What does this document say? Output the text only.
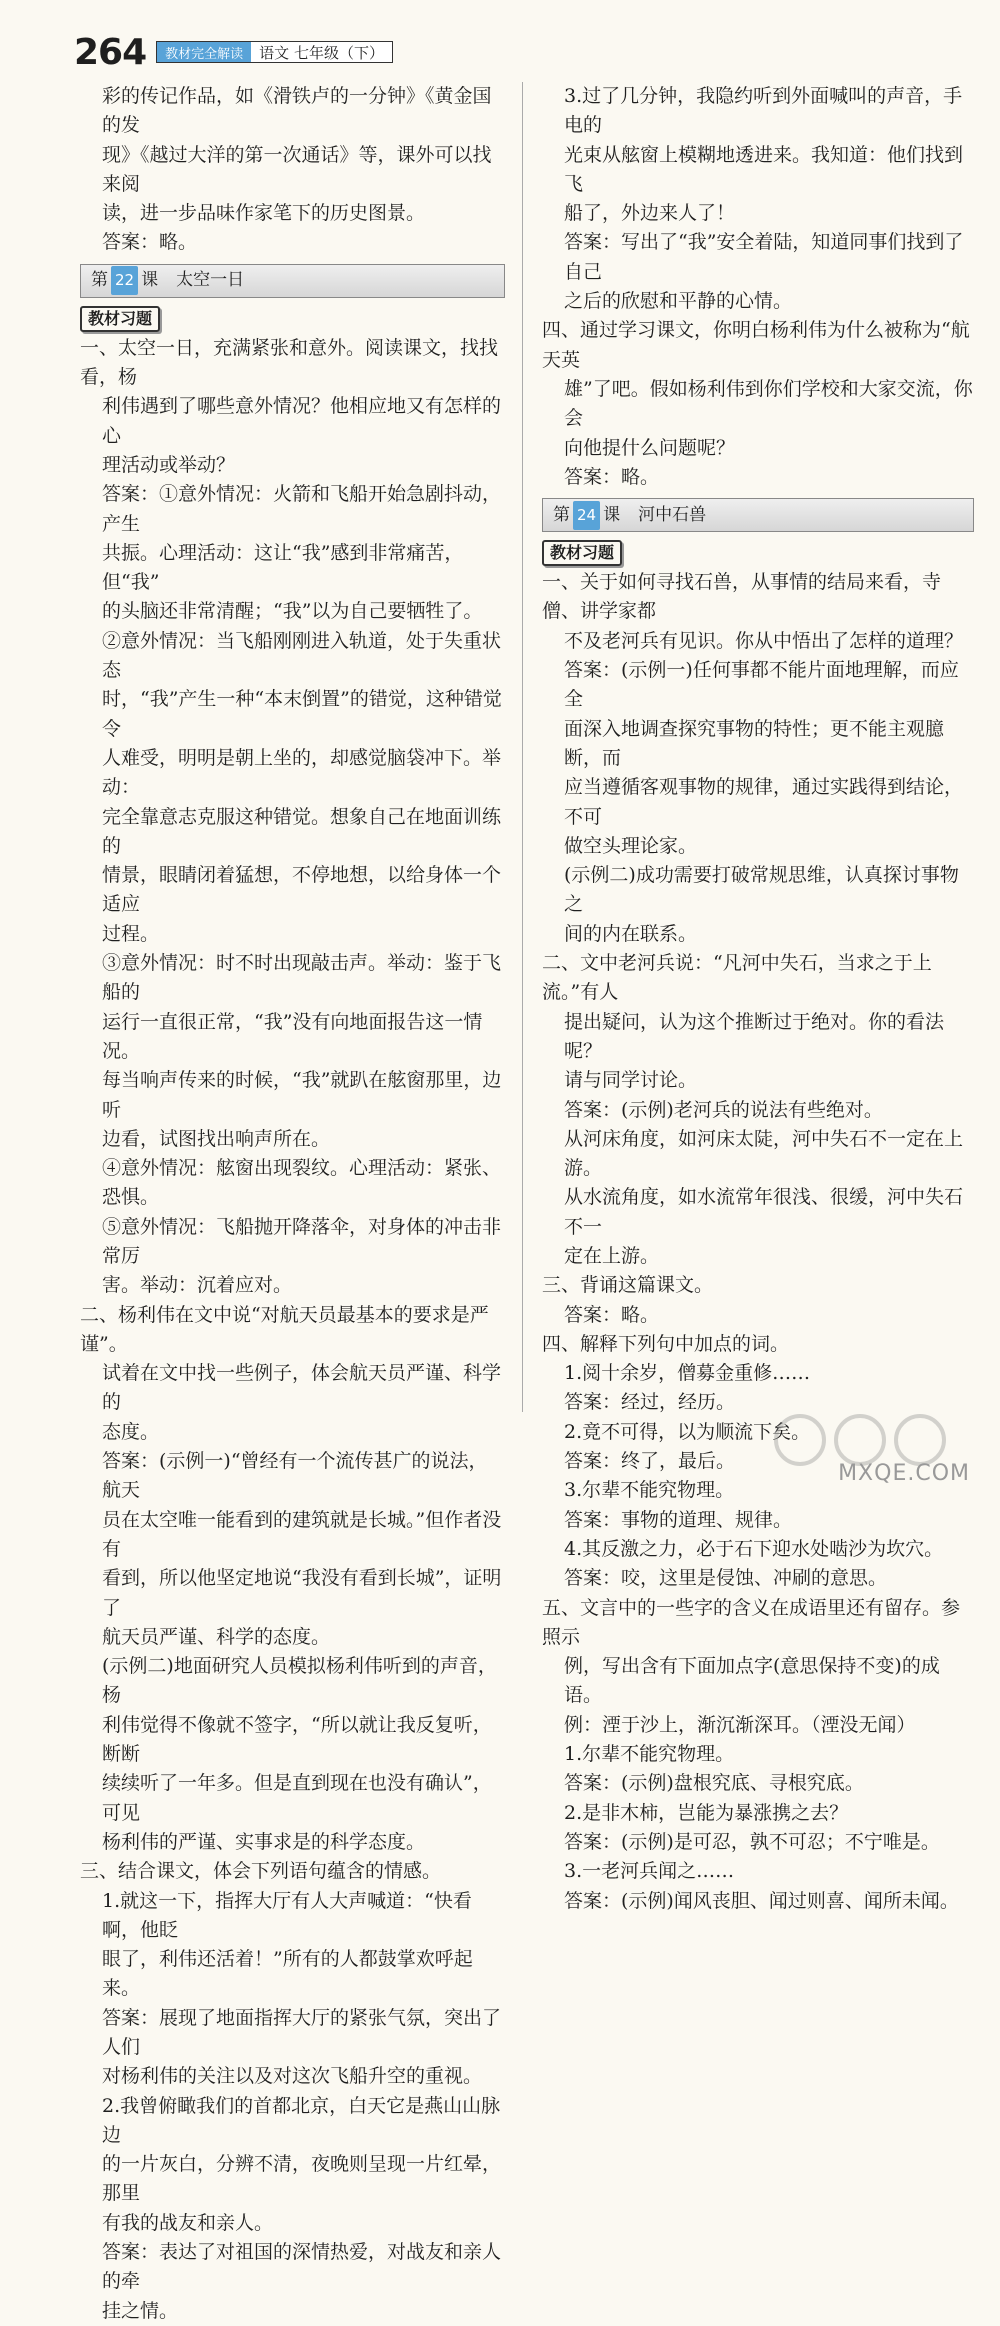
264	教材完全解读	语文 七年级（下）

彩的传记作品，如《滑铁卢的一分钟》《黄金国的发

现》《越过大洋的第一次通话》等，课外可以找来阅

读，进一步品味作家笔下的历史图景。

答案：略。

第 22 课 太空一日
教材习题

一、太空一日，充满紧张和意外。阅读课文，找找看，杨

利伟遇到了哪些意外情况？他相应地又有怎样的心

理活动或举动？

答案：①意外情况：火箭和飞船开始急剧抖动，产生

共振。心理活动：这让“我”感到非常痛苦，但“我”

的头脑还非常清醒；“我”以为自己要牺牲了。

②意外情况：当飞船刚刚进入轨道，处于失重状态

时，“我”产生一种“本末倒置”的错觉，这种错觉令

人难受，明明是朝上坐的，却感觉脑袋冲下。举动：

完全靠意志克服这种错觉。想象自己在地面训练的

情景，眼睛闭着猛想，不停地想，以给身体一个适应

过程。

③意外情况：时不时出现敲击声。举动：鉴于飞船的

运行一直很正常，“我”没有向地面报告这一情况。

每当响声传来的时候，“我”就趴在舷窗那里，边听

边看，试图找出响声所在。

④意外情况：舷窗出现裂纹。心理活动：紧张、恐惧。

⑤意外情况：飞船抛开降落伞，对身体的冲击非常厉

害。举动：沉着应对。

二、杨利伟在文中说“对航天员最基本的要求是严谨”。

试着在文中找一些例子，体会航天员严谨、科学的

态度。

答案：(示例一)“曾经有一个流传甚广的说法，航天

员在太空唯一能看到的建筑就是长城。”但作者没有

看到，所以他坚定地说“我没有看到长城”，证明了

航天员严谨、科学的态度。

(示例二)地面研究人员模拟杨利伟听到的声音，杨

利伟觉得不像就不签字，“所以就让我反复听，断断

续续听了一年多。但是直到现在也没有确认”，可见

杨利伟的严谨、实事求是的科学态度。

三、结合课文，体会下列语句蕴含的情感。

1.就这一下，指挥大厅有人大声喊道：“快看啊，他眨

眼了，利伟还活着！”所有的人都鼓掌欢呼起来。

答案：展现了地面指挥大厅的紧张气氛，突出了人们

对杨利伟的关注以及对这次飞船升空的重视。

2.我曾俯瞰我们的首都北京，白天它是燕山山脉边

的一片灰白，分辨不清，夜晚则呈现一片红晕，那里

有我的战友和亲人。

答案：表达了对祖国的深情热爱，对战友和亲人的牵

挂之情。

3.过了几分钟，我隐约听到外面喊叫的声音，手电的

光束从舷窗上模糊地透进来。我知道：他们找到飞

船了，外边来人了！

答案：写出了“我”安全着陆，知道同事们找到了自己

之后的欣慰和平静的心情。

四、通过学习课文，你明白杨利伟为什么被称为“航天英

雄”了吧。假如杨利伟到你们学校和大家交流，你会

向他提什么问题呢？

答案：略。

第 24 课 河中石兽
教材习题

一、关于如何寻找石兽，从事情的结局来看，寺僧、讲学家都

不及老河兵有见识。你从中悟出了怎样的道理？

答案：(示例一)任何事都不能片面地理解，而应全

面深入地调查探究事物的特性；更不能主观臆断，而

应当遵循客观事物的规律，通过实践得到结论，不可

做空头理论家。

(示例二)成功需要打破常规思维，认真探讨事物之

间的内在联系。

二、文中老河兵说：“凡河中失石，当求之于上流。”有人

提出疑问，认为这个推断过于绝对。你的看法呢？

请与同学讨论。

答案：(示例)老河兵的说法有些绝对。

从河床角度，如河床太陡，河中失石不一定在上游。

从水流角度，如水流常年很浅、很缓，河中失石不一

定在上游。

三、背诵这篇课文。

答案：略。

四、解释下列句中加点的词。

1.阅十余岁，僧募金重修……

答案：经过，经历。

2.竟不可得，以为顺流下矣。

答案：终了，最后。

3.尔辈不能究物理。

答案：事物的道理、规律。

4.其反激之力，必于石下迎水处啮沙为坎穴。

答案：咬，这里是侵蚀、冲刷的意思。

五、文言中的一些字的含义在成语里还有留存。参照示

例，写出含有下面加点字(意思保持不变)的成语。

例：湮于沙上，渐沉渐深耳。（湮没无闻）

1.尔辈不能究物理。

答案：(示例)盘根究底、寻根究底。

2.是非木柿，岂能为暴涨携之去？

答案：(示例)是可忍，孰不可忍；不宁唯是。

3.一老河兵闻之……

答案：(示例)闻风丧胆、闻过则喜、闻所未闻。

MXQE.COM
